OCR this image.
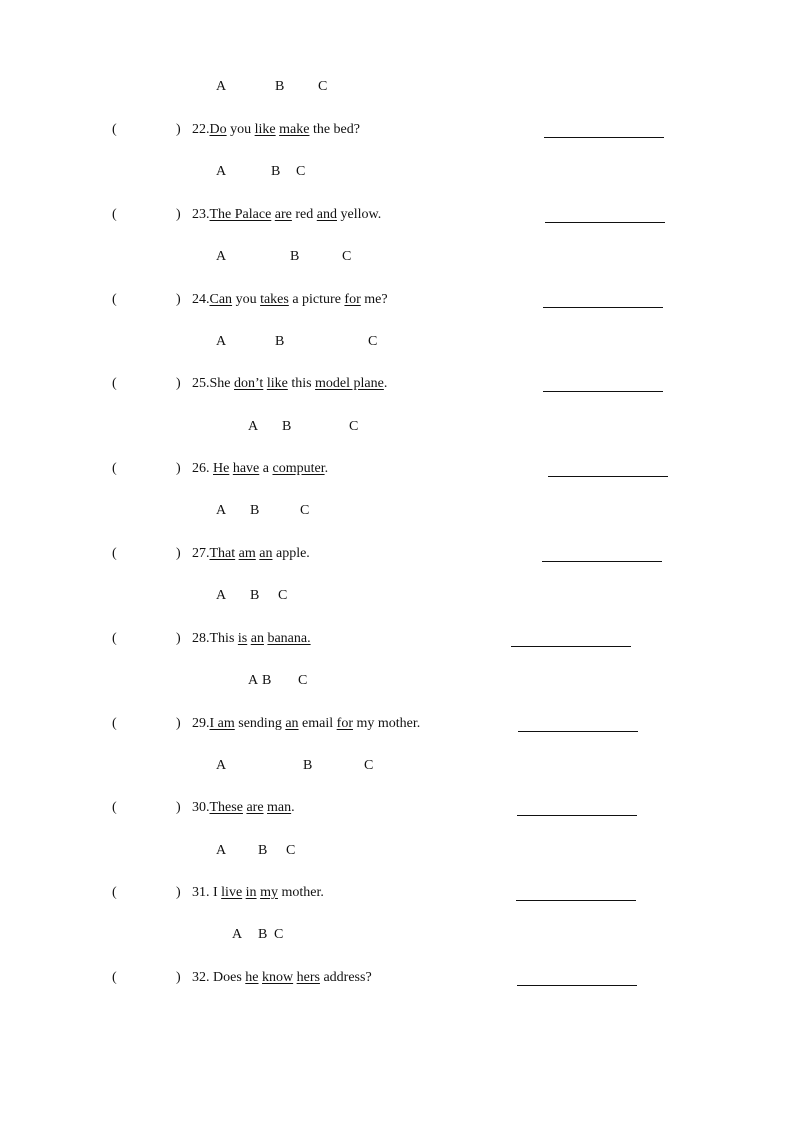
A	B C
(	) 22.Do you like make the bed?
A	B C
(	) 23.The Palace are red and yellow.
A	B	C
(	) 24.Can you takes a picture for me?
A	B	C
(	) 25.She don’t like this model plane.
A B	C
(	) 26. He have a computer.
A B	C
(	) 27.That am an apple.
A B C
(	) 28.This is an banana.
A B C
(	) 29.I am sending an email for my mother.
A	B	C
(	) 30.These are man.
A B C
(	) 31. I live in my mother.
A B C
(	) 32. Does he know hers address?
